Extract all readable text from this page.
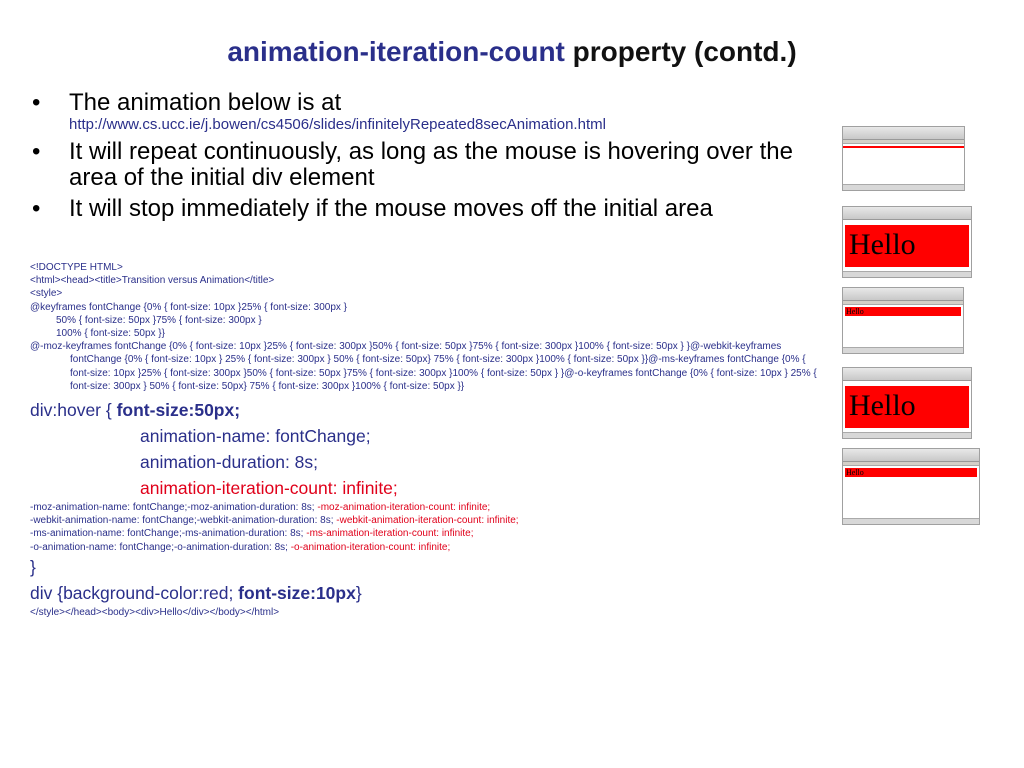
animation-iteration-count property (contd.)
• The animation below is at
http://www.cs.ucc.ie/j.bowen/cs4506/slides/infinitelyRepeated8secAnimation.html
• It will repeat continuously, as long as the mouse is hovering over the area of the initial div element
• It will stop immediately if the mouse moves off the initial area
<!DOCTYPE HTML>
<html><head><title>Transition versus Animation</title>
<style>
@keyframes fontChange {0% { font-size: 10px }25% { font-size: 300px }
50% { font-size: 50px }75% { font-size: 300px }
100% { font-size: 50px }}
@-moz-keyframes fontChange {0% { font-size: 10px }25% { font-size: 300px }50% { font-size: 50px }75% { font-size: 300px }100% { font-size: 50px } }@-webkit-keyframes fontChange {0% { font-size: 10px } 25% { font-size: 300px } 50% { font-size: 50px} 75% { font-size: 300px }100% { font-size: 50px }}@-ms-keyframes fontChange {0% { font-size: 10px }25% { font-size: 300px }50% { font-size: 50px }75% { font-size: 300px }100% { font-size: 50px } }@-o-keyframes fontChange {0% { font-size: 10px } 25% { font-size: 300px } 50% { font-size: 50px} 75% { font-size: 300px }100% { font-size: 50px }}
div:hover { font-size:50px;
animation-name: fontChange;
animation-duration: 8s;
animation-iteration-count: infinite;
-moz-animation-name: fontChange;-moz-animation-duration: 8s; -moz-animation-iteration-count: infinite;
-webkit-animation-name: fontChange;-webkit-animation-duration: 8s; -webkit-animation-iteration-count: infinite;
-ms-animation-name: fontChange;-ms-animation-duration: 8s; -ms-animation-iteration-count: infinite;
-o-animation-name: fontChange;-o-animation-duration: 8s; -o-animation-iteration-count: infinite;
}
div {background-color:red; font-size:10px}
</style></head><body><div>Hello</div></body></html>
Hello
Hello
Hello
Hello
